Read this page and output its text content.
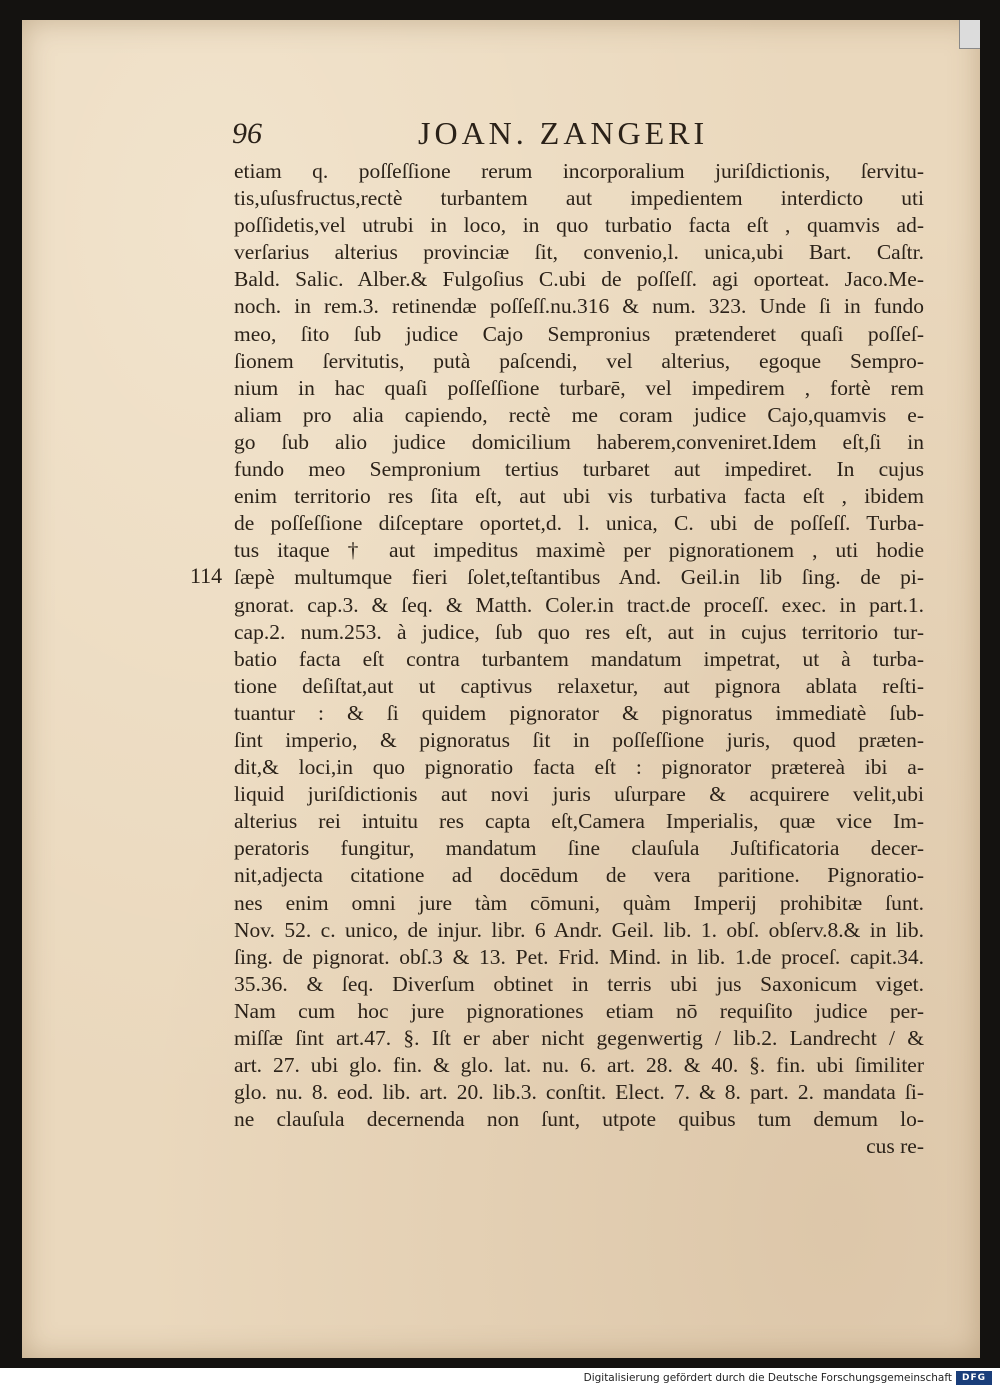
96	JOAN. ZANGERI
114
etiam q. poſſeſſione rerum incorporalium juriſdictionis, ſervitu-
tis,uſusfructus,rectè turbantem aut impedientem interdicto uti
poſſidetis,vel utrubi in loco, in quo turbatio facta eſt , quamvis ad-
verſarius alterius provinciæ ſit, convenio,l. unica,ubi Bart. Caſtr.
Bald. Salic. Alber.& Fulgoſius C.ubi de poſſeſſ. agi oporteat. Jaco.Me-
noch. in rem.3. retinendæ poſſeſſ.nu.316 & num. 323. Unde ſi in fundo
meo, ſito ſub judice Cajo Sempronius prætenderet quaſi poſſeſ-
ſionem ſervitutis, putà paſcendi, vel alterius, egoque Sempro-
nium in hac quaſi poſſeſſione turbarē, vel impedirem , fortè rem
aliam pro alia capiendo, rectè me coram judice Cajo,quamvis e-
go ſub alio judice domicilium haberem,conveniret.Idem eſt,ſi in
fundo meo Sempronium tertius turbaret aut impediret. In cujus
enim territorio res ſita eſt, aut ubi vis turbativa facta eſt , ibidem
de poſſeſſione diſceptare oportet,d. l. unica, C. ubi de poſſeſſ. Turba-
tus itaque † aut impeditus maximè per pignorationem , uti hodie
ſæpè multumque fieri ſolet,teſtantibus And. Geil.in lib ſing. de pi-
gnorat. cap.3. & ſeq. & Matth. Coler.in tract.de proceſſ. exec. in part.1.
cap.2. num.253. à judice, ſub quo res eſt, aut in cujus territorio tur-
batio facta eſt contra turbantem mandatum impetrat, ut à turba-
tione deſiſtat,aut ut captivus relaxetur, aut pignora ablata reſti-
tuantur : & ſi quidem pignorator & pignoratus immediatè ſub-
ſint imperio, & pignoratus ſit in poſſeſſione juris, quod præten-
dit,& loci,in quo pignoratio facta eſt : pignorator prætereà ibi a-
liquid juriſdictionis aut novi juris uſurpare & acquirere velit,ubi
alterius rei intuitu res capta eſt,Camera Imperialis, quæ vice Im-
peratoris fungitur, mandatum ſine clauſula Juſtificatoria decer-
nit,adjecta citatione ad docēdum de vera paritione. Pignoratio-
nes enim omni jure tàm cōmuni, quàm Imperij prohibitæ ſunt.
Nov. 52. c. unico, de injur. libr. 6 Andr. Geil. lib. 1. obſ. obſerv.8.& in lib.
ſing. de pignorat. obſ.3 & 13. Pet. Frid. Mind. in lib. 1.de proceſ. capit.34.
35.36. & ſeq. Diverſum obtinet in terris ubi jus Saxonicum viget.
Nam cum hoc jure pignorationes etiam nō requiſito judice per-
miſſæ ſint art.47. §. Iſt er aber nicht gegenwertig / lib.2. Landrecht / &
art. 27. ubi glo. fin. & glo. lat. nu. 6. art. 28. & 40. §. fin. ubi ſimiliter
glo. nu. 8. eod. lib. art. 20. lib.3. conſtit. Elect. 7. & 8. part. 2. mandata ſi-
ne clauſula decernenda non ſunt, utpote quibus tum demum lo-
cus re-
Digitalisierung gefördert durch die Deutsche Forschungsgemeinschaft	DFG
